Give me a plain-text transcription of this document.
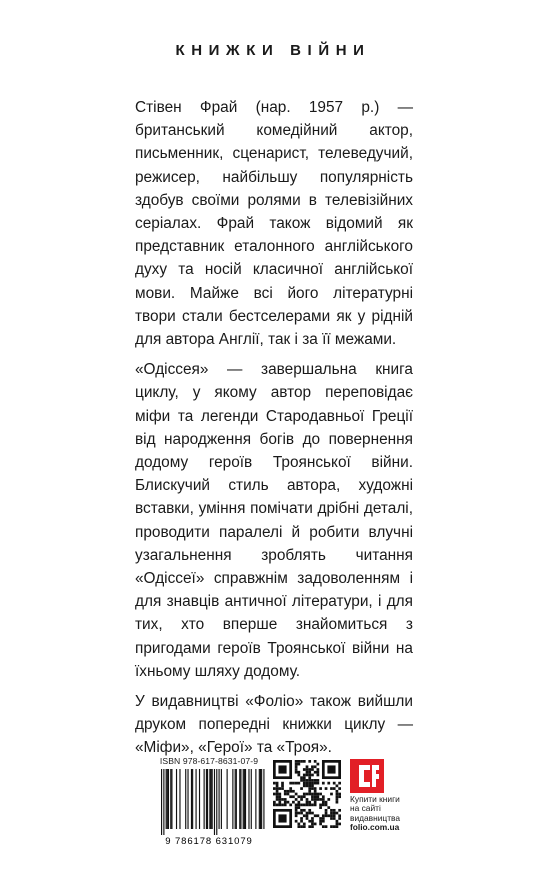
КНИЖКИ ВІЙНИ

Стівен Фрай (нар. 1957 р.) — британський комедійний актор, письменник, сценарист, телеведучий, режисер, найбільшу популярність здобув своїми ролями в телевізійних серіалах. Фрай також відомий як представник еталонного англійського духу та носій класичної англійської мови. Майже всі його літературні твори стали бестселерами як у рідній для автора Англії, так і за її межами.

«Одіссея» — завершальна книга циклу, у якому автор переповідає міфи та легенди Стародавньої Греції від народження богів до повернення додому героїв Троянської війни. Блискучий стиль автора, художні вставки, уміння помічати дрібні деталі, проводити паралелі й робити влучні узагальнення зроблять читання «Одіссеї» справжнім задоволенням і для знавців античної літератури, і для тих, хто вперше знайомиться з пригодами героїв Троянської війни на їхньому шляху додому.

У видавництві «Фоліо» також вийшли друком попередні книжки циклу — «Міфи», «Герої» та «Троя».

ISBN 978-617-8631-07-9
9 786178 631079
Купити книги
на сайті
видавництва
folio.com.ua
